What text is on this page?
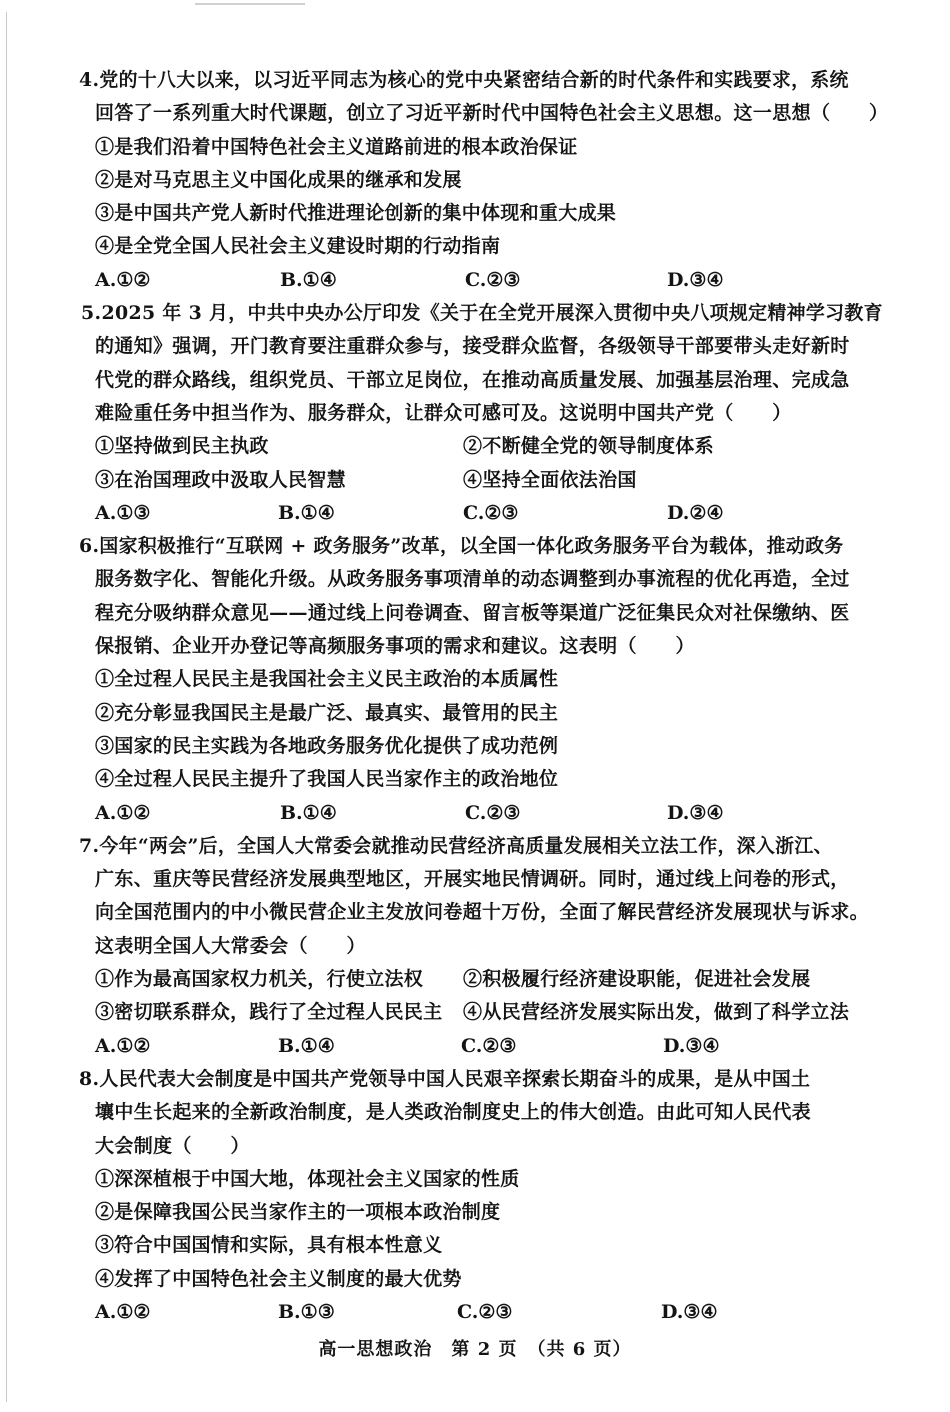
4.党的十八大以来，以习近平同志为核心的党中央紧密结合新的时代条件和实践要求，系统
回答了一系列重大时代课题，创立了习近平新时代中国特色社会主义思想。这一思想（　　）
①是我们沿着中国特色社会主义道路前进的根本政治保证
②是对马克思主义中国化成果的继承和发展
③是中国共产党人新时代推进理论创新的集中体现和重大成果
④是全党全国人民社会主义建设时期的行动指南
A.①②	B.①④	C.②③	D.③④
5.2025 年 3 月，中共中央办公厅印发《关于在全党开展深入贯彻中央八项规定精神学习教育
的通知》强调，开门教育要注重群众参与，接受群众监督，各级领导干部要带头走好新时
代党的群众路线，组织党员、干部立足岗位，在推动高质量发展、加强基层治理、完成急
难险重任务中担当作为、服务群众，让群众可感可及。这说明中国共产党（　　）
①坚持做到民主执政	②不断健全党的领导制度体系
③在治国理政中汲取人民智慧	④坚持全面依法治国
A.①③	B.①④	C.②③	D.②④
6.国家积极推行“互联网 + 政务服务”改革，以全国一体化政务服务平台为载体，推动政务
服务数字化、智能化升级。从政务服务事项清单的动态调整到办事流程的优化再造，全过
程充分吸纳群众意见——通过线上问卷调查、留言板等渠道广泛征集民众对社保缴纳、医
保报销、企业开办登记等高频服务事项的需求和建议。这表明（　　）
①全过程人民民主是我国社会主义民主政治的本质属性
②充分彰显我国民主是最广泛、最真实、最管用的民主
③国家的民主实践为各地政务服务优化提供了成功范例
④全过程人民民主提升了我国人民当家作主的政治地位
A.①②	B.①④	C.②③	D.③④
7.今年“两会”后，全国人大常委会就推动民营经济高质量发展相关立法工作，深入浙江、
广东、重庆等民营经济发展典型地区，开展实地民情调研。同时，通过线上问卷的形式，
向全国范围内的中小微民营企业主发放问卷超十万份，全面了解民营经济发展现状与诉求。
这表明全国人大常委会（　　）
①作为最高国家权力机关，行使立法权 ②积极履行经济建设职能，促进社会发展
③密切联系群众，践行了全过程人民民主 ④从民营经济发展实际出发，做到了科学立法
A.①②	B.①④	C.②③	D.③④
8.人民代表大会制度是中国共产党领导中国人民艰辛探索长期奋斗的成果，是从中国土
壤中生长起来的全新政治制度，是人类政治制度史上的伟大创造。由此可知人民代表
大会制度（　　）
①深深植根于中国大地，体现社会主义国家的性质
②是保障我国公民当家作主的一项根本政治制度
③符合中国国情和实际，具有根本性意义
④发挥了中国特色社会主义制度的最大优势
A.①②	B.①③	C.②③	D.③④
高一思想政治　第 2 页　（共 6 页）
